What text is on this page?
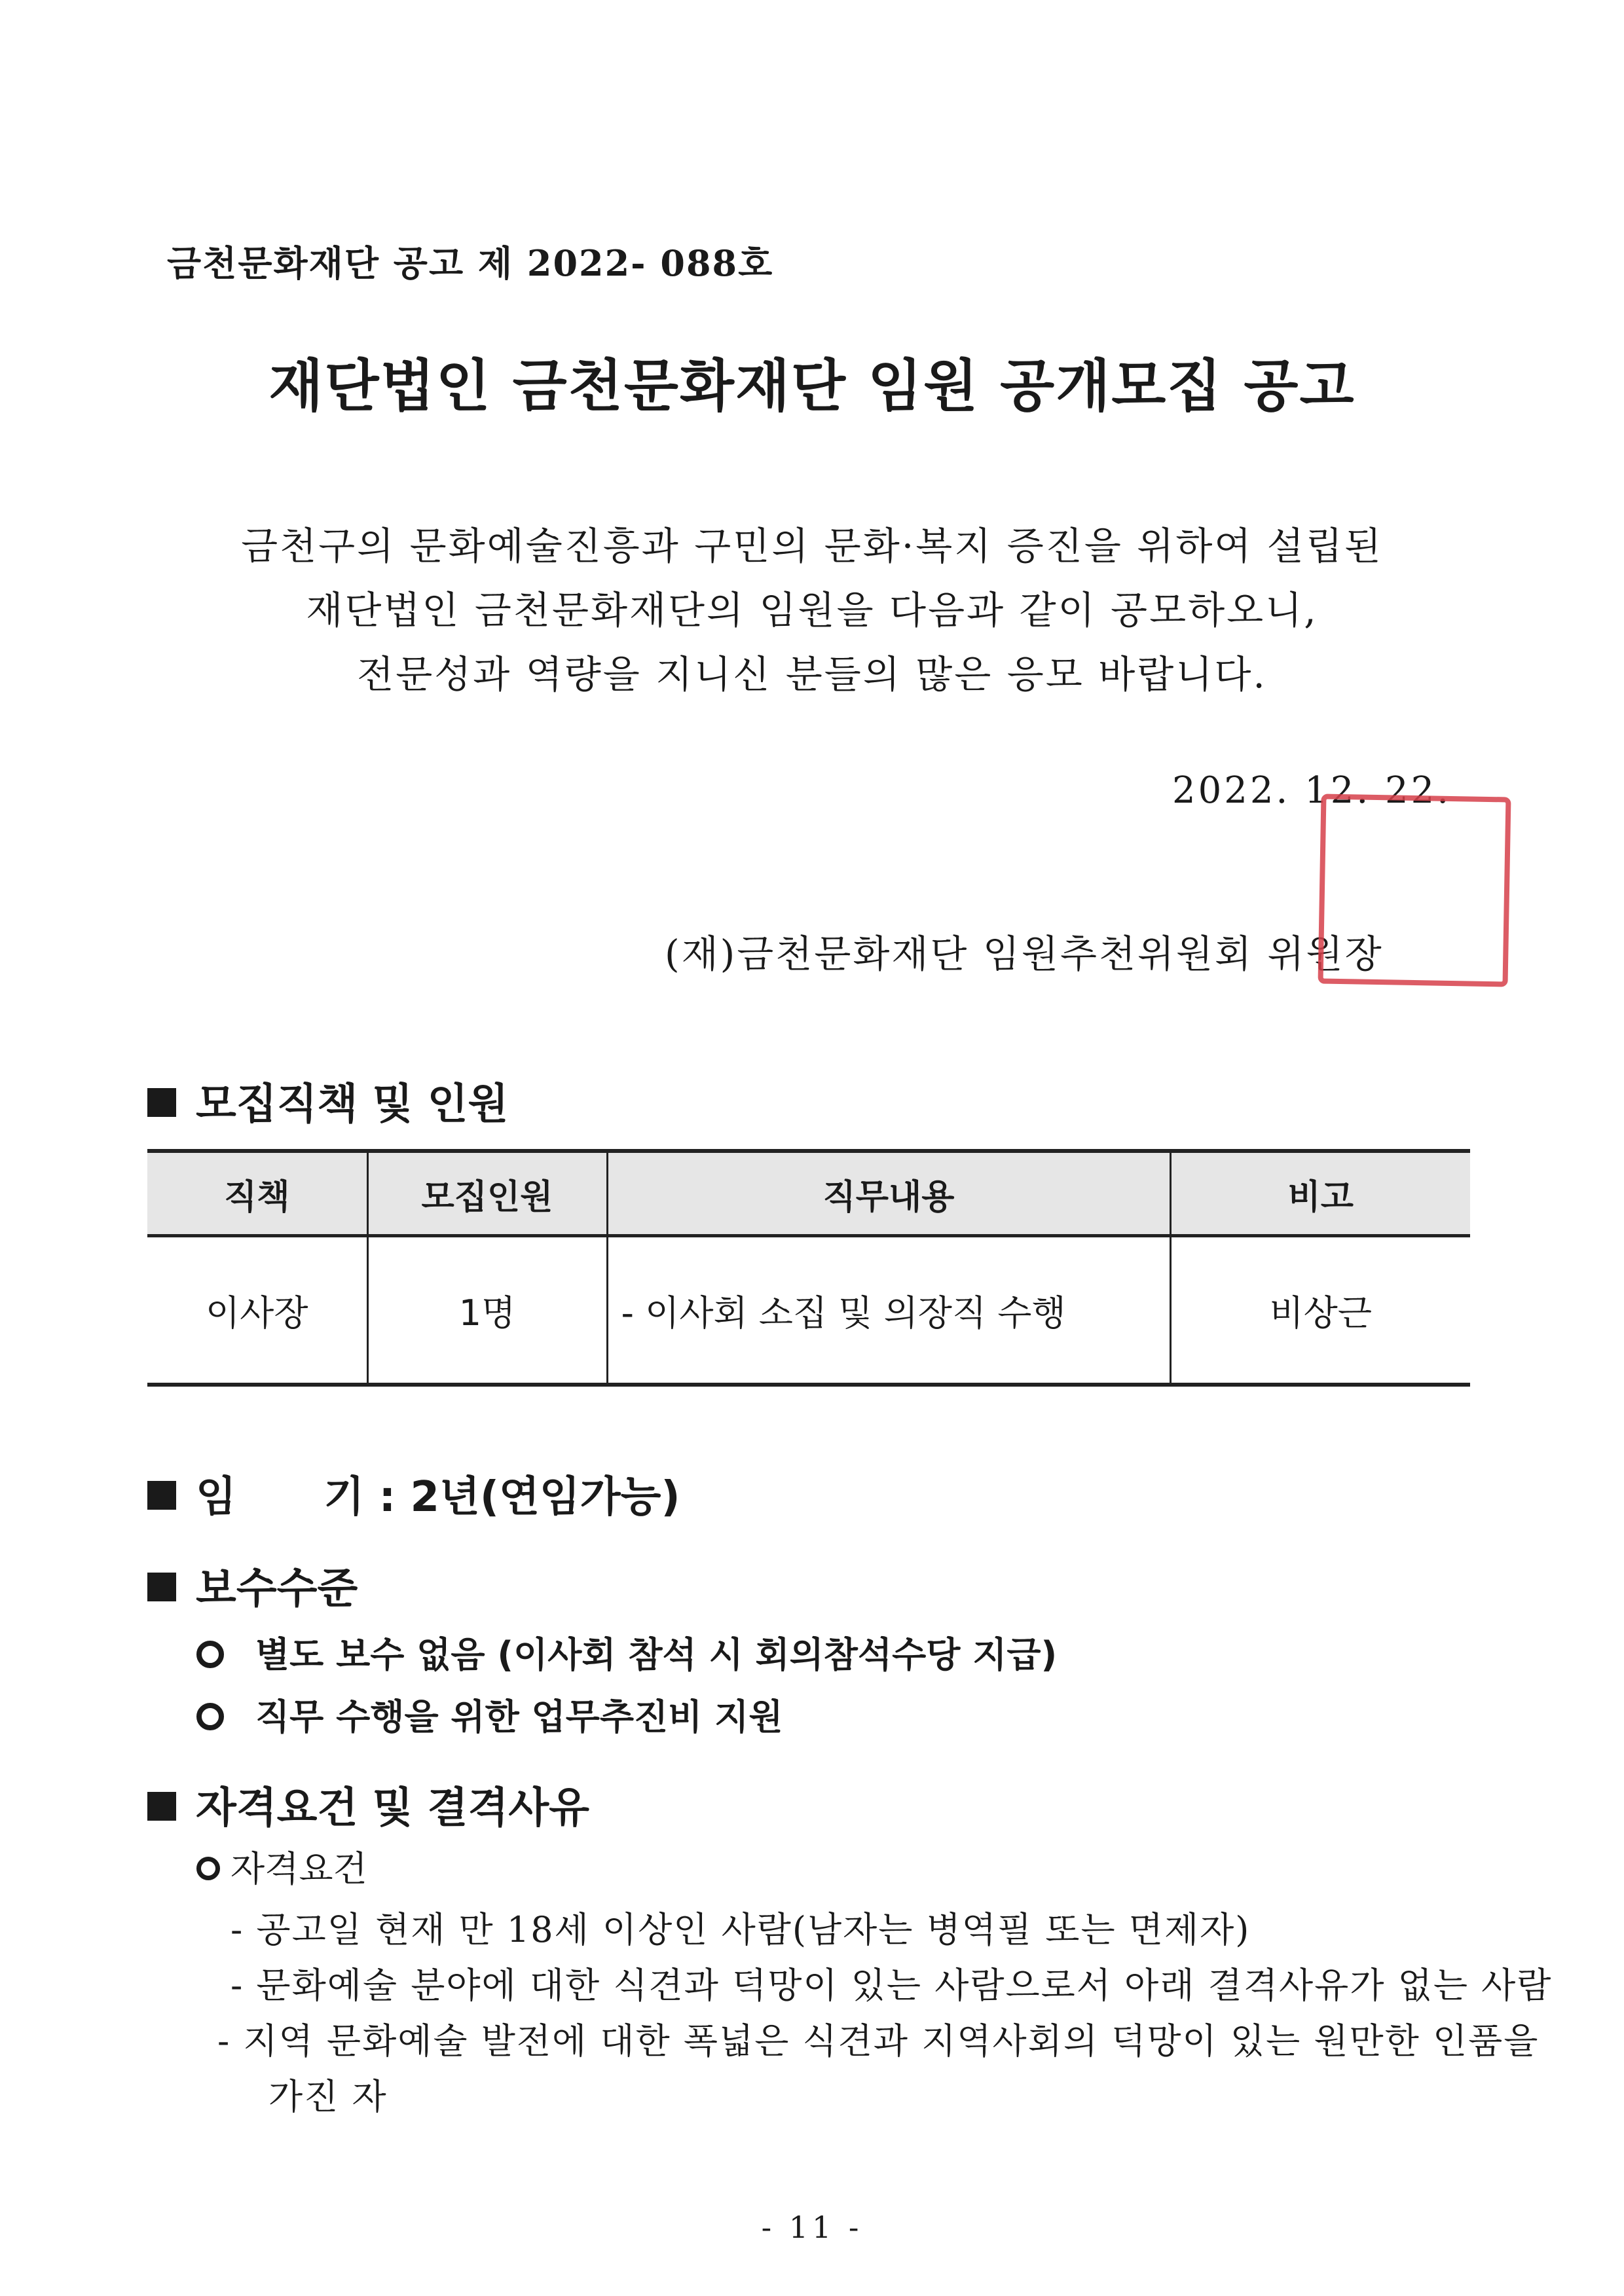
금천문화재단 공고 제 2022- 088호
재단법인 금천문화재단 임원 공개모집 공고
금천구의 문화예술진흥과 구민의 문화·복지 증진을 위하여 설립된
재단법인 금천문화재단의 임원을 다음과 같이 공모하오니,
전문성과 역량을 지니신 분들의 많은 응모 바랍니다.
2022. 12. 22.
(재)금천문화재단 임원추천위원회 위원장
모집직책 및 인원
직책	모집인원	직무내용	비고
이사장	1명	- 이사회 소집 및 의장직 수행	비상근
임      기 : 2년(연임가능)
보수수준
별도 보수 없음 (이사회 참석 시 회의참석수당 지급)
직무 수행을 위한 업무추진비 지원
자격요건 및 결격사유
자격요건
- 공고일 현재 만 18세 이상인 사람(남자는 병역필 또는 면제자)
- 문화예술 분야에 대한 식견과 덕망이 있는 사람으로서 아래 결격사유가 없는 사람
- 지역 문화예술 발전에 대한 폭넓은 식견과 지역사회의 덕망이 있는 원만한 인품을
가진 자
- 11 -
